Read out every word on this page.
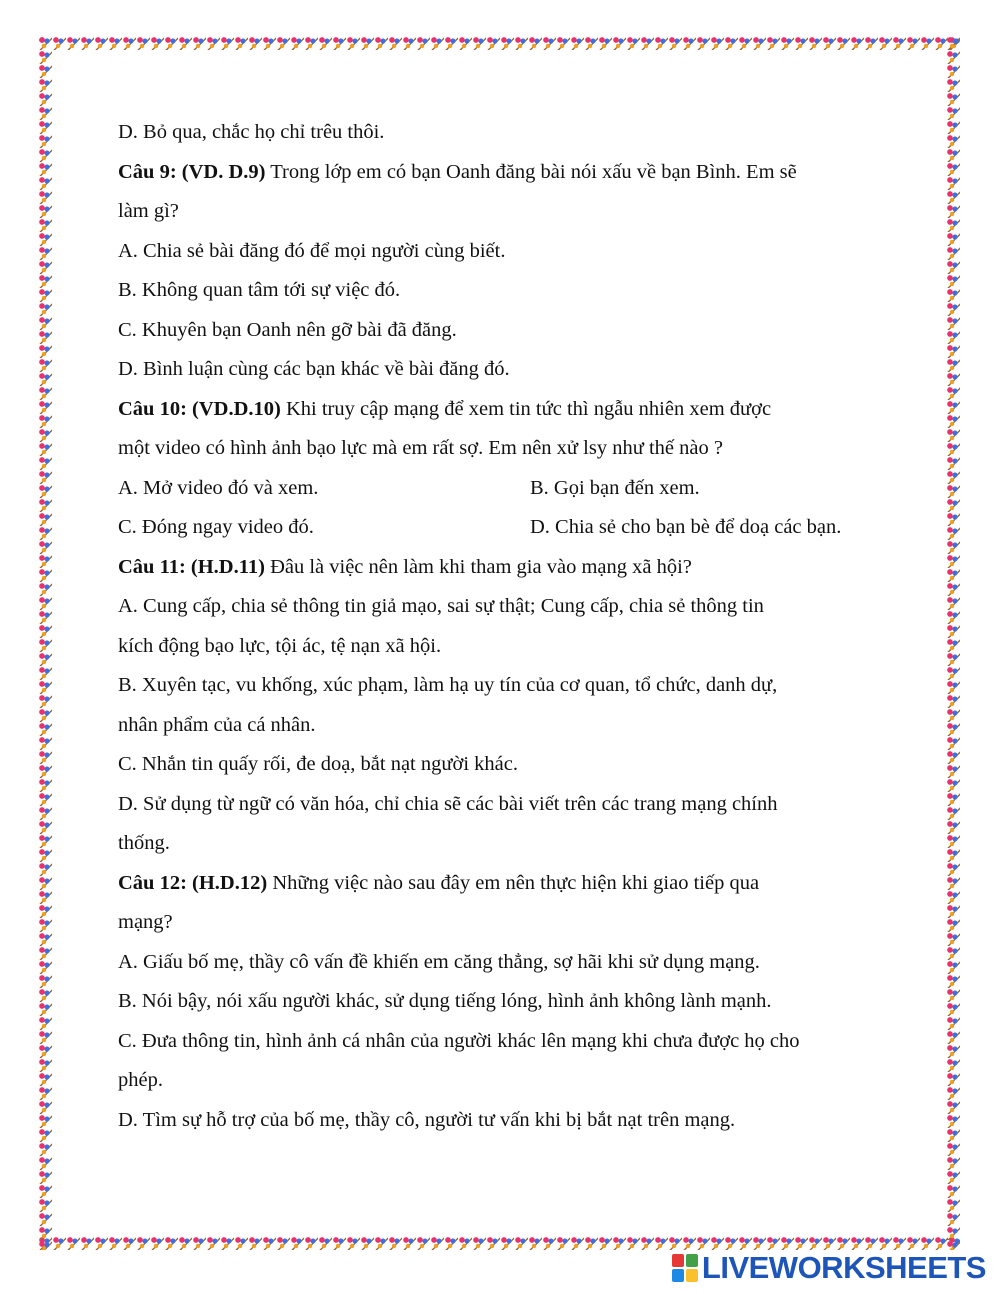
D. Bỏ qua, chắc họ chỉ trêu thôi.

Câu 9: (VD. D.9) Trong lớp em có bạn Oanh đăng bài nói xấu về bạn Bình. Em sẽ

làm gì?

A. Chia sẻ bài đăng đó để mọi người cùng biết.

B. Không quan tâm tới sự việc đó.

C. Khuyên bạn Oanh nên gỡ bài đã đăng.

D. Bình luận cùng các bạn khác về bài đăng đó.

Câu 10: (VD.D.10) Khi truy cập mạng để xem tin tức thì ngẫu nhiên xem được

một video có hình ảnh bạo lực mà em rất sợ. Em nên xử lsy như thế nào ?

A. Mở video đó và xem.	B. Gọi bạn đến xem.
C. Đóng ngay video đó.	D. Chia sẻ cho bạn bè để doạ các bạn.

Câu 11: (H.D.11) Đâu là việc nên làm khi tham gia vào mạng xã hội?

A. Cung cấp, chia sẻ thông tin giả mạo, sai sự thật; Cung cấp, chia sẻ thông tin

kích động bạo lực, tội ác, tệ nạn xã hội.

B. Xuyên tạc, vu khống, xúc phạm, làm hạ uy tín của cơ quan, tổ chức, danh dự,

nhân phẩm của cá nhân.

C. Nhắn tin quấy rối, đe doạ, bắt nạt người khác.

D. Sử dụng từ ngữ có văn hóa, chỉ chia sẽ các bài viết trên các trang mạng chính

thống.

Câu 12: (H.D.12) Những việc nào sau đây em nên thực hiện khi giao tiếp qua

mạng?

A. Giấu bố mẹ, thầy cô vấn đề khiến em căng thẳng, sợ hãi khi sử dụng mạng.

B. Nói bậy, nói xấu người khác, sử dụng tiếng lóng, hình ảnh không lành mạnh.

C. Đưa thông tin, hình ảnh cá nhân của người khác lên mạng khi chưa được họ cho

phép.

D. Tìm sự hỗ trợ của bố mẹ, thầy cô, người tư vấn khi bị bắt nạt trên mạng.

LIVEWORKSHEETS
